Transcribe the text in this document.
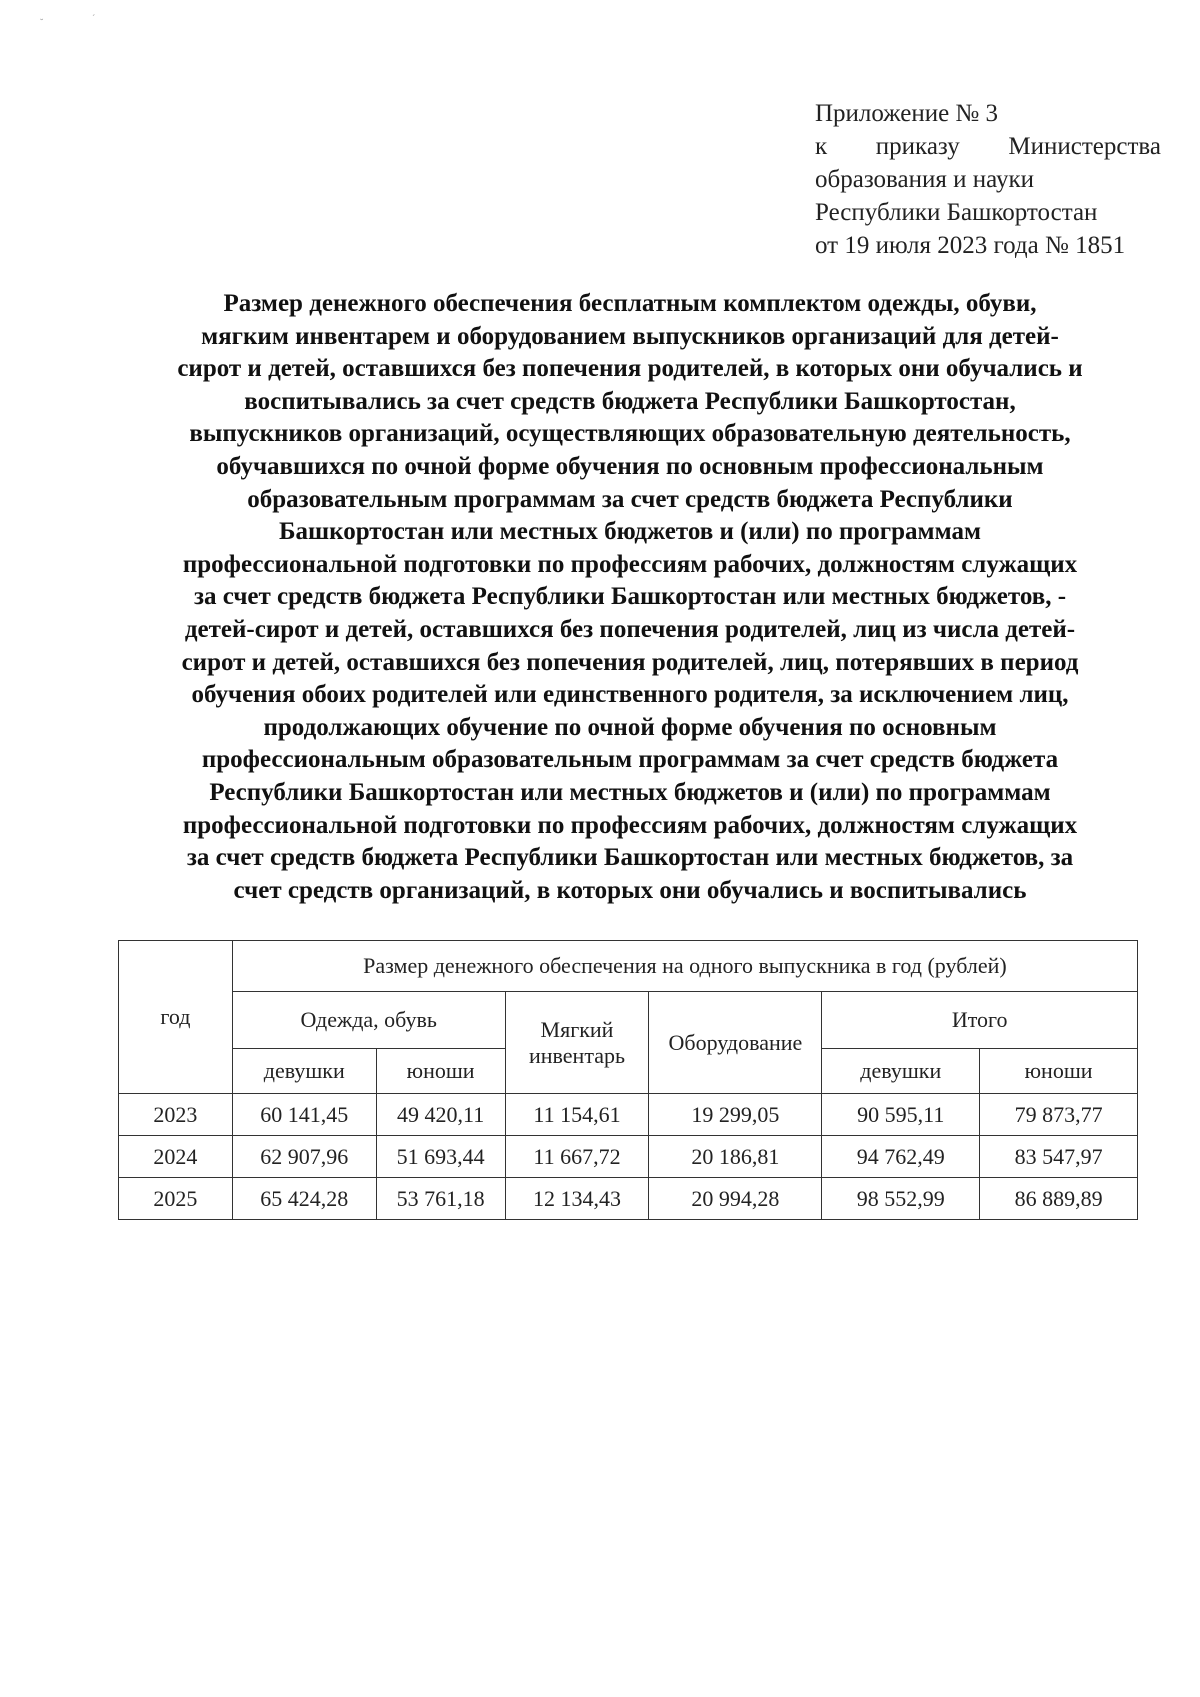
˘	ˊ
Приложение № 3
к приказу Министерства
образования и науки
Республики Башкортостан
от 19 июля 2023 года № 1851
Размер денежного обеспечения бесплатным комплектом одежды, обуви,
мягким инвентарем и оборудованием выпускников организаций для детей-
сирот и детей, оставшихся без попечения родителей, в которых они обучались и
воспитывались за счет средств бюджета Республики Башкортостан,
выпускников организаций, осуществляющих образовательную деятельность,
обучавшихся по очной форме обучения по основным профессиональным
образовательным программам за счет средств бюджета Республики
Башкортостан или местных бюджетов и (или) по программам
профессиональной подготовки по профессиям рабочих, должностям служащих
за счет средств бюджета Республики Башкортостан или местных бюджетов, -
детей-сирот и детей, оставшихся без попечения родителей, лиц из числа детей-
сирот и детей, оставшихся без попечения родителей, лиц, потерявших в период
обучения обоих родителей или единственного родителя, за исключением лиц,
продолжающих обучение по очной форме обучения по основным
профессиональным образовательным программам за счет средств бюджета
Республики Башкортостан или местных бюджетов и (или) по программам
профессиональной подготовки по профессиям рабочих, должностям служащих
за счет средств бюджета Республики Башкортостан или местных бюджетов, за
счет средств организаций, в которых они обучались и воспитывались
год	Размер денежного обеспечения на одного выпускника в год (рублей)					
	Одежда, обувь		Мягкий инвентарь	Оборудование	Итого	
	девушки	юноши			девушки	юноши
2023	60 141,45	49 420,11	11 154,61	19 299,05	90 595,11	79 873,77
2024	62 907,96	51 693,44	11 667,72	20 186,81	94 762,49	83 547,97
2025	65 424,28	53 761,18	12 134,43	20 994,28	98 552,99	86 889,89
